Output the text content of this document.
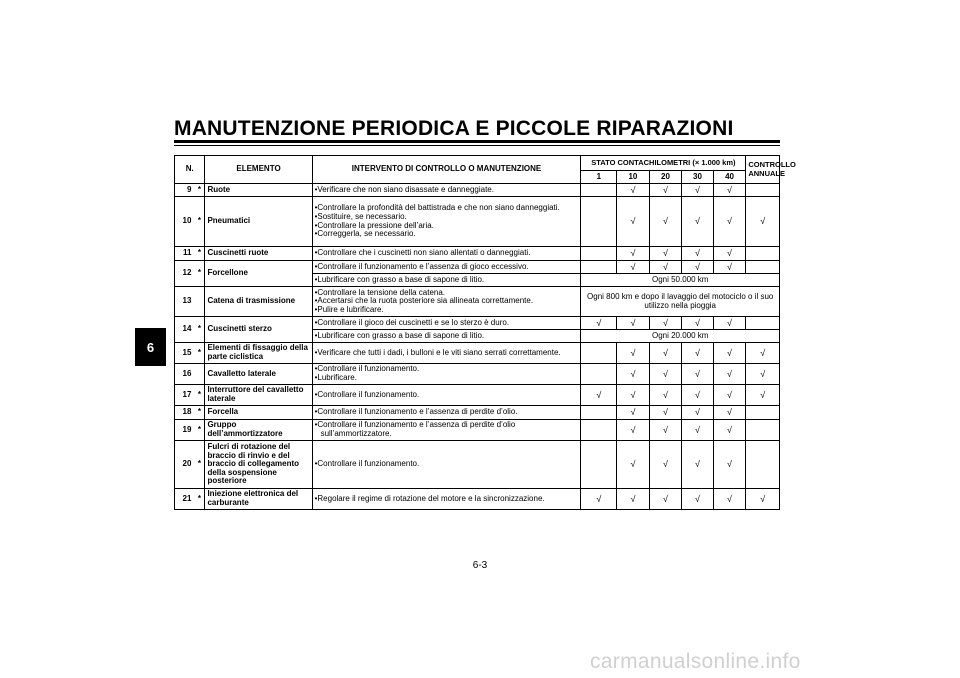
MANUTENZIONE PERIODICA E PICCOLE RIPARAZIONI
6
N.		ELEMENTO	INTERVENTO DI CONTROLLO O MANUTENZIONE	STATO CONTACHILOMETRI (× 1.000 km)					CONTROLLO ANNUALE
				1	10	20	30	40	
9	*	Ruote	• Verificare che non siano disassate e danneggiate.		√	√	√	√	
10	*	Pneumatici	• Controllare la profondità del battistrada e che non siano danneggiati.
• Sostituire, se necessario.
• Controllare la pressione dell’aria.
• Correggerla, se necessario.		√	√	√	√	√
11	*	Cuscinetti ruote	• Controllare che i cuscinetti non siano allentati o danneggiati.		√	√	√	√	
12	*	Forcellone	• Controllare il funzionamento e l’assenza di gioco eccessivo.		√	√	√	√	

			• Lubrificare con grasso a base di sapone di litio.	Ogni 50.000 km					
13		Catena di trasmissione	• Controllare la tensione della catena.
• Accertarsi che la ruota posteriore sia allineata correttamente.
• Pulire e lubrificare.	Ogni 800 km e dopo il lavaggio del motociclo o il suo utilizzo nella pioggia					
14	*	Cuscinetti sterzo	• Controllare il gioco dei cuscinetti e se lo sterzo è duro.	√	√	√	√	√	

			• Lubrificare con grasso a base di sapone di litio.	Ogni 20.000 km					
15	*	Elementi di fissaggio della parte ciclistica	• Verificare che tutti i dadi, i bulloni e le viti siano serrati correttamente.		√	√	√	√	√
16		Cavalletto laterale	• Controllare il funzionamento.
• Lubrificare.		√	√	√	√	√
17	*	Interruttore del cavalletto laterale	• Controllare il funzionamento.	√	√	√	√	√	√
18	*	Forcella	• Controllare il funzionamento e l’assenza di perdite d’olio.		√	√	√	√	
19	*	Gruppo dell’ammortizzatore	• Controllare il funzionamento e l’assenza di perdite d’olio sull’ammortizzatore.		√	√	√	√	
20	*	Fulcri di rotazione del braccio di rinvio e del braccio di collegamento della sospensione posteriore	• Controllare il funzionamento.		√	√	√	√	
21	*	Iniezione elettronica del carburante	• Regolare il regime di rotazione del motore e la sincronizzazione.	√	√	√	√	√	√
6-3
carmanualsonline.info
